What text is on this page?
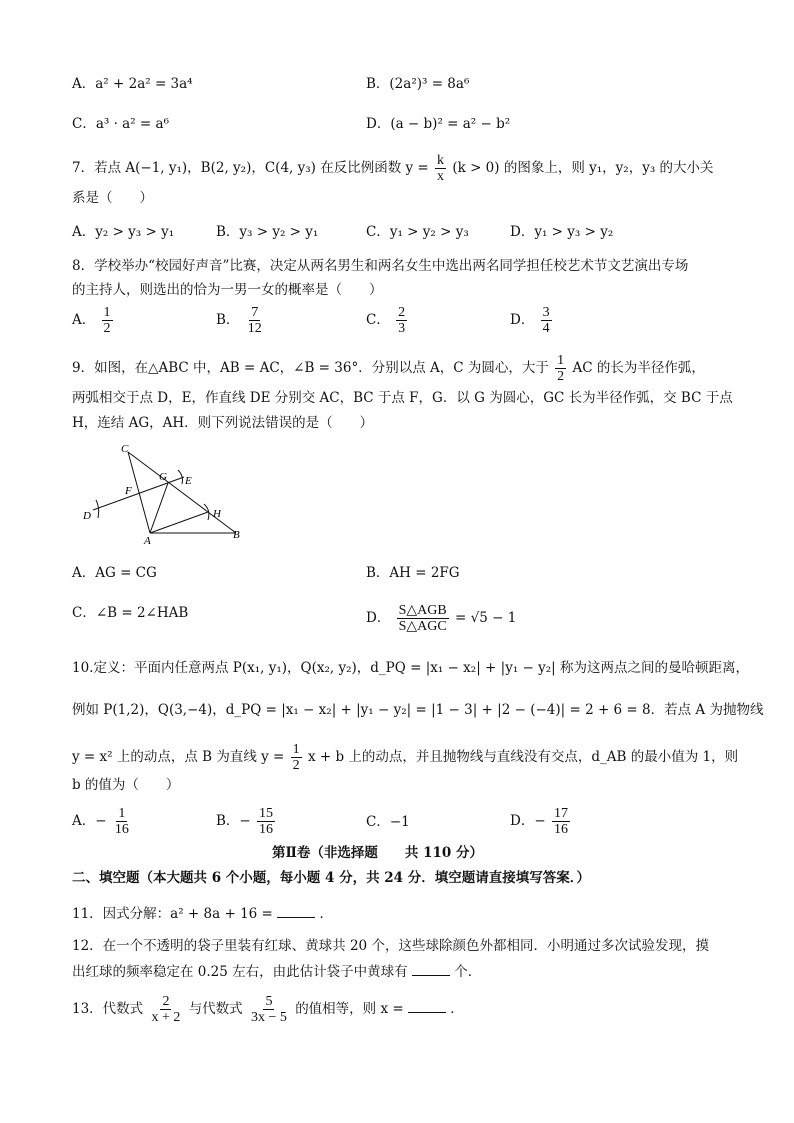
A．a² + 2a² = 3a⁴	B．(2a²)³ = 8a⁶
C．a³ · a² = a⁶	D．(a − b)² = a² − b²
7．若点 A(−1, y₁)，B(2, y₂)，C(4, y₃) 在反比例函数 $y = \frac{k}{x} (k > 0)$ 的图象上，则 y₁，y₂，y₃ 的大小关
系是（　　）
A．y₂ > y₃ > y₁	B．y₃ > y₂ > y₁	C．y₁ > y₂ > y₃	D．y₁ > y₃ > y₂
8．学校举办“校园好声音”比赛，决定从两名男生和两名女生中选出两名同学担任校艺术节文艺演出专场
的主持人，则选出的恰为一男一女的概率是（　　）
A． $\frac{1}{2}$	B． $\frac{7}{12}$	C． $\frac{2}{3}$	D． $\frac{3}{4}$
9．如图，在△ABC 中，AB = AC，∠B = 36°．分别以点 A，C 为圆心，大于 $\frac{1}{2}$ AC 的长为半径作弧，
两弧相交于点 D，E，作直线 DE 分别交 AC，BC 于点 F，G．以 G 为圆心，GC 长为半径作弧，交 BC 于点
H，连结 AG，AH．则下列说法错误的是（　　）
C
F
G E
D	H
A	B
A．AG = CG	B．AH = 2FG
C．∠B = 2∠HAB	D． $\frac{\text{S△AGB}}{\text{S△AGC}} = √5 - 1$
10.定义：平面内任意两点 P(x₁, y₁)，Q(x₂, y₂)，d_PQ = |x₁ − x₂| + |y₁ − y₂| 称为这两点之间的曼哈顿距离，
例如 P(1,2)，Q(3,−4)，d_PQ = |x₁ − x₂| + |y₁ − y₂| = |1 − 3| + |2 − (−4)| = 2 + 6 = 8．若点 A 为抛物线
y = x² 上的动点，点 B 为直线 $y = \frac{1}{2}$ x + b 上的动点，并且抛物线与直线没有交点，d_AB 的最小值为 1，则
b 的值为（　　）
A．− $\frac{1}{16}$	B．− $\frac{15}{16}$	C．−1	D．− $\frac{17}{16}$
第Ⅱ卷（非选择题　　共 110 分）
二、填空题（本大题共 6 个小题，每小题 4 分，共 24 分．填空题请直接填写答案．）
11．因式分解：a² + 8a + 16 =	．
12．在一个不透明的袋子里装有红球、黄球共 20 个，这些球除颜色外都相同．小明通过多次试验发现，摸
出红球的频率稳定在 0.25 左右，由此估计袋子中黄球有	个．
13．代数式 $\frac{2}{x + 2}$ 与代数式 $\frac{5}{3x - 5}$ 的值相等，则 x =	．
